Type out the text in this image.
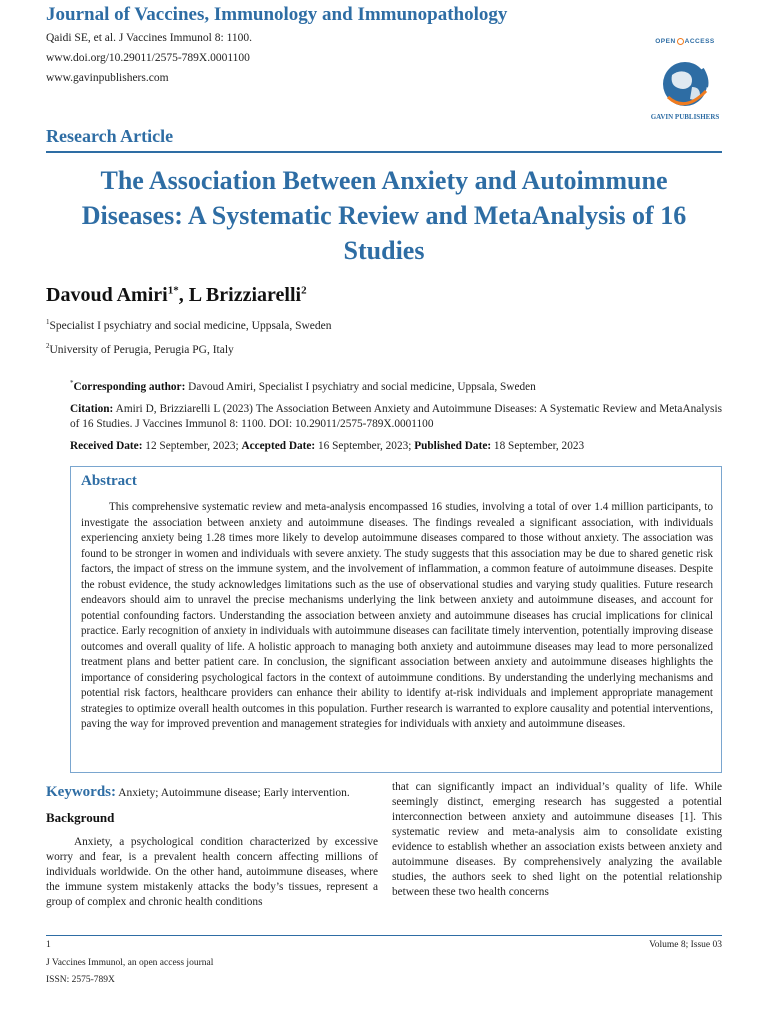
Journal of Vaccines, Immunology and Immunopathology
Qaidi SE, et al. J Vaccines Immunol 8: 1100.
www.doi.org/10.29011/2575-789X.0001100
www.gavinpublishers.com
OPEN ACCESS
GAVIN PUBLISHERS
Research Article
The Association Between Anxiety and Autoimmune
Diseases: A Systematic Review and MetaAnalysis of 16
Studies
Davoud Amiri$^{1*}$, L Brizziarelli$^2$
$^1$Specialist I psychiatry and social medicine, Uppsala, Sweden
$^2$University of Perugia, Perugia PG, Italy
*Corresponding author: Davoud Amiri, Specialist I psychiatry and social medicine, Uppsala, Sweden
Citation: Amiri D, Brizziarelli L (2023) The Association Between Anxiety and Autoimmune Diseases: A Systematic Review and MetaAnalysis of 16 Studies. J Vaccines Immunol 8: 1100. DOI: 10.29011/2575-789X.0001100
Received Date: 12 September, 2023; Accepted Date: 16 September, 2023; Published Date: 18 September, 2023
Abstract
This comprehensive systematic review and meta-analysis encompassed 16 studies, involving a total of over 1.4 million participants, to investigate the association between anxiety and autoimmune diseases. The findings revealed a significant association, with individuals experiencing anxiety being 1.28 times more likely to develop autoimmune diseases compared to those without anxiety. The association was found to be stronger in women and individuals with severe anxiety. The study suggests that this association may be due to shared genetic risk factors, the impact of stress on the immune system, and the involvement of inflammation, a common feature of autoimmune diseases. Despite the robust evidence, the study acknowledges limitations such as the use of observational studies and varying study qualities. Future research endeavors should aim to unravel the precise mechanisms underlying the link between anxiety and autoimmune diseases, and account for potential confounding factors. Understanding the association between anxiety and autoimmune diseases has crucial implications for clinical practice. Early recognition of anxiety in individuals with autoimmune diseases can facilitate timely intervention, potentially improving disease outcomes and overall quality of life. A holistic approach to managing both anxiety and autoimmune diseases may lead to more personalized treatment plans and better patient care. In conclusion, the significant association between anxiety and autoimmune diseases highlights the importance of considering psychological factors in the context of autoimmune conditions. By understanding the underlying mechanisms and potential risk factors, healthcare providers can enhance their ability to identify at-risk individuals and implement appropriate management strategies to optimize overall health outcomes in this population. Further research is warranted to explore causality and potential interventions, paving the way for improved prevention and management strategies for individuals with anxiety and autoimmune diseases.
Keywords: Anxiety; Autoimmune disease; Early intervention.
Background
Anxiety, a psychological condition characterized by excessive worry and fear, is a prevalent health concern affecting millions of individuals worldwide. On the other hand, autoimmune diseases, where the immune system mistakenly attacks the body’s tissues, represent a group of complex and chronic health conditions
that can significantly impact an individual’s quality of life. While seemingly distinct, emerging research has suggested a potential interconnection between anxiety and autoimmune diseases [1]. This systematic review and meta-analysis aim to consolidate existing evidence to establish whether an association exists between anxiety and autoimmune diseases. By comprehensively analyzing the available studies, the authors seek to shed light on the potential relationship between these two health concerns
1
J Vaccines Immunol, an open access journal
ISSN: 2575-789X
Volume 8; Issue 03
